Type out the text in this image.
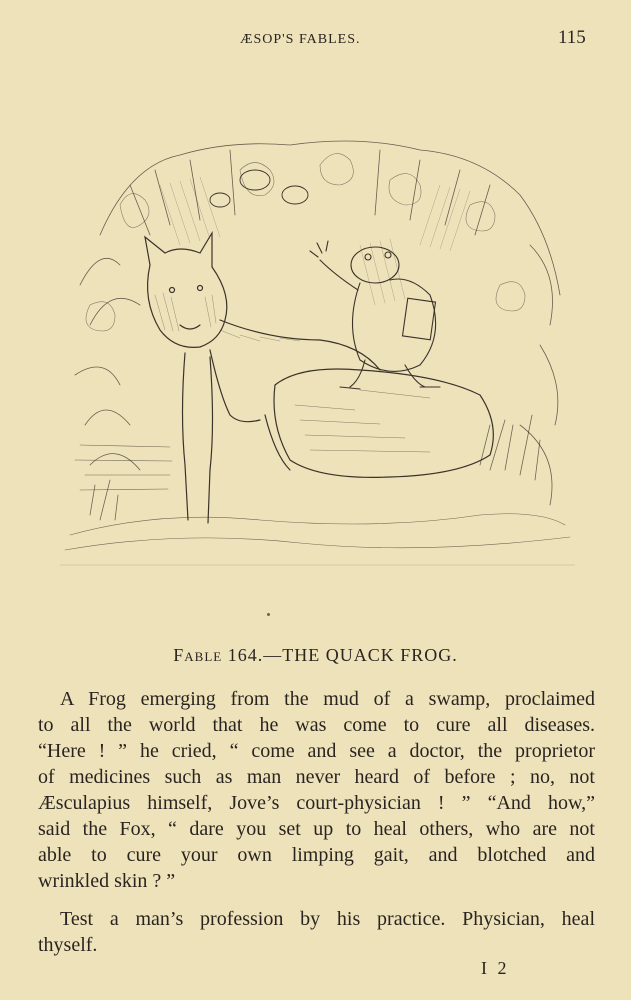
ÆSOP'S FABLES.	115
Fable 164.—THE QUACK FROG.

A Frog emerging from the mud of a swamp, proclaimed
to all the world that he was come to cure all diseases.
“Here ! ” he cried, “ come and see a doctor, the proprietor
of medicines such as man never heard of before ; no, not
Æsculapius himself, Jove’s court-physician ! ” “And how,”
said the Fox, “ dare you set up to heal others, who are not
able to cure your own limping gait, and blotched and
wrinkled skin ? ”

Test a man’s profession by his practice. Physician, heal
thyself.

I 2
